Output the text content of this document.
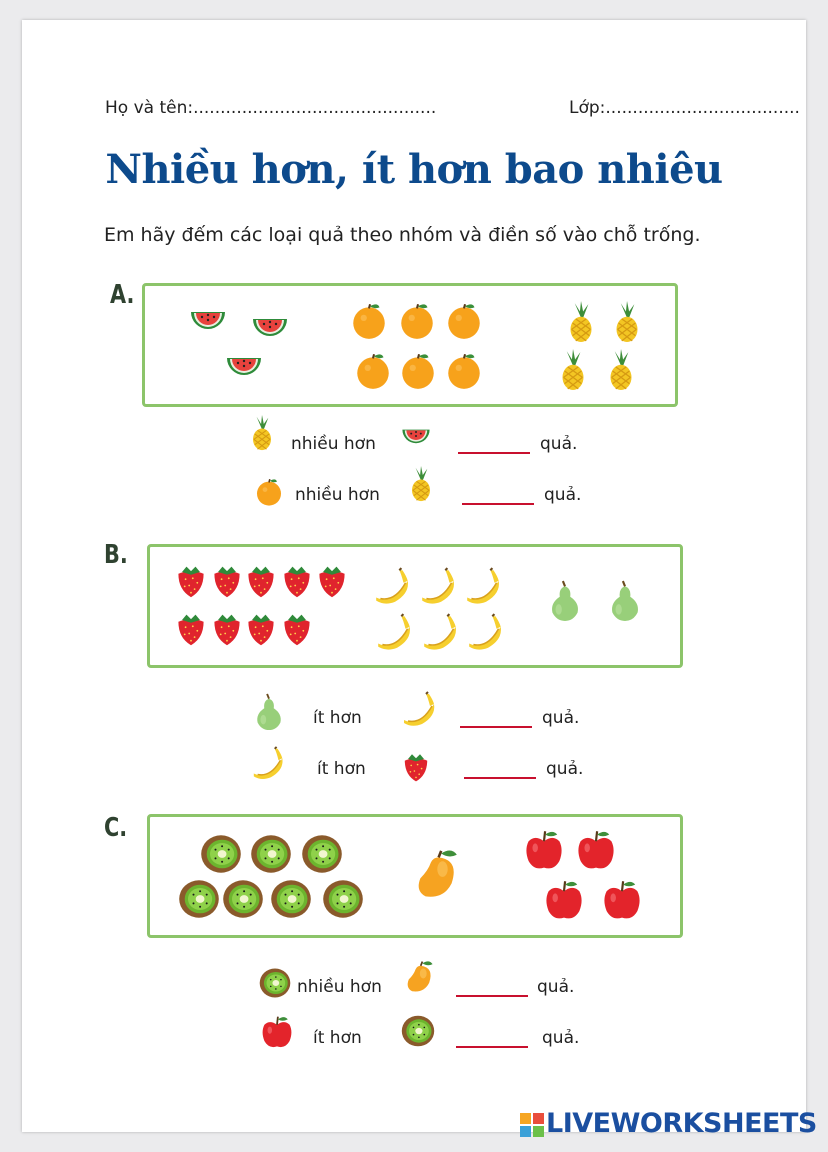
Họ và tên:.............................................	Lớp:....................................
Nhiều hơn, ít hơn bao nhiêu
Em hãy đếm các loại quả theo nhóm và điền số vào chỗ trống.
A.
nhiều hơn	quả.
nhiều hơn	quả.
B.
ít hơn	quả.
ít hơn	quả.
C.
nhiều hơn	quả.
ít hơn	quả.
LIVEWORKSHEETS
